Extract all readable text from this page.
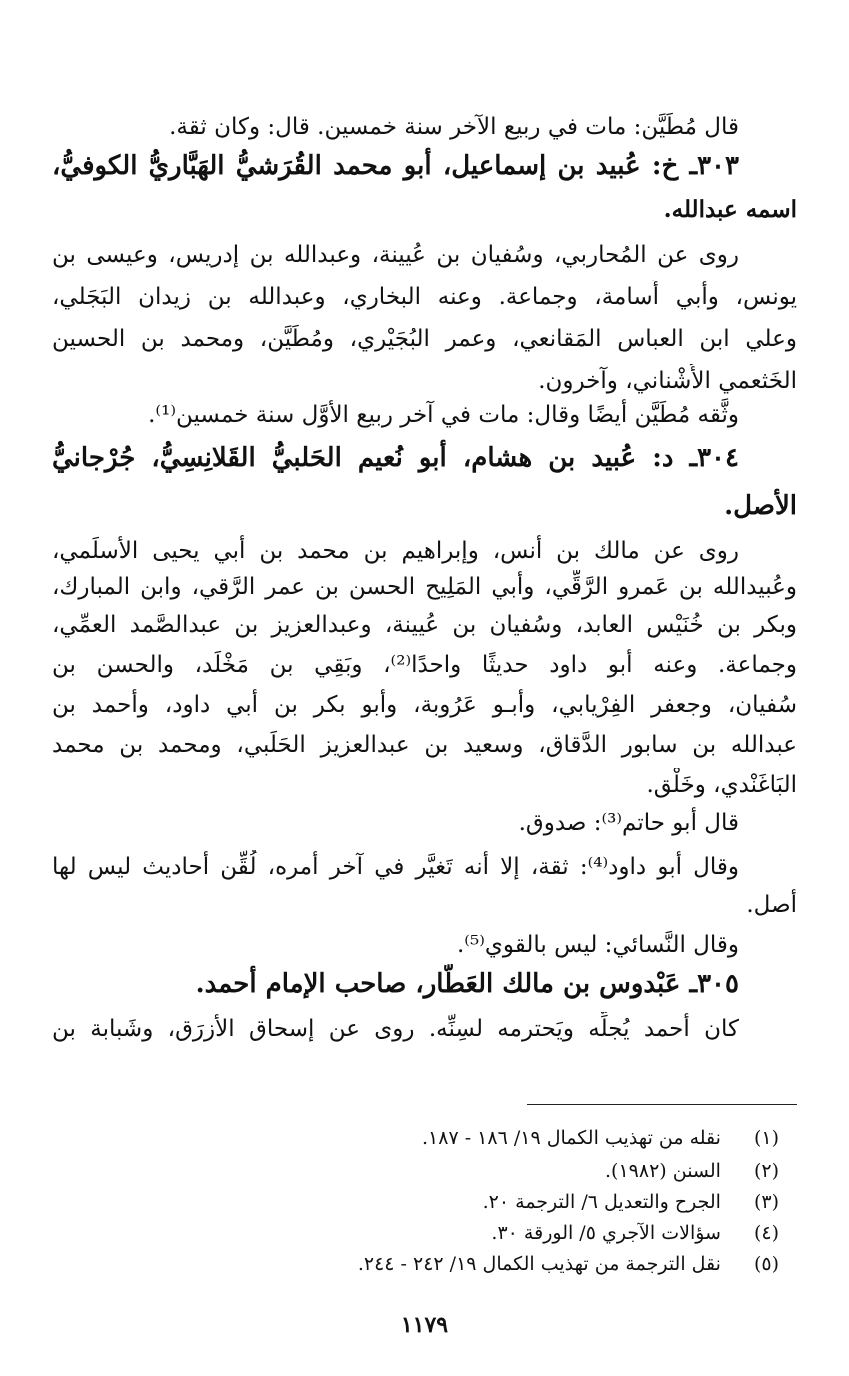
قال مُطَيَّن: مات في ربيع الآخر سنة خمسين. قال: وكان ثقة.
٣٠٣ـ خ: عُبيد بن إسماعيل، أبو محمد القُرَشيُّ الهَبَّاريُّ الكوفيُّ،
اسمه عبدالله.
روى عن المُحاربي، وسُفيان بن عُيينة، وعبدالله بن إدريس، وعيسى بن
يونس، وأبي أُسامة، وجماعة. وعنه البخاري، وعبدالله بن زيدان البَجَلي،
وعلي ابن العباس المَقانعي، وعمر البُجَيْري، ومُطَيَّن، ومحمد بن الحسين
الخَثعمي الأُشْناني، وآخرون.
وثَّقه مُطَيَّن أيضًا وقال: مات في آخر ربيع الأوَّل سنة خمسين⁽¹⁾.
٣٠٤ـ د: عُبيد بن هشام، أبو نُعيم الحَلبيُّ القَلانِسِيُّ، جُرْجانيُّ
الأصل.
روى عن مالك بن أنس، وإبراهيم بن محمد بن أبي يحيى الأسلَمي،
وعُبيدالله بن عَمرو الرَّقِّي، وأبي المَلِيح الحسن بن عمر الرَّقي، وابن المبارك،
وبكر بن خُنَيْس العابد، وسُفيان بن عُيينة، وعبدالعزيز بن عبدالصَّمد العمِّي،
وجماعة. وعنه أبو داود حديثًا واحدًا⁽²⁾، وبَقِي بن مَخْلَد، والحسن بن
سُفيان، وجعفر الفِرْيابي، وأبـو عَرُوبة، وأبو بكر بن أبي داود، وأحمد بن
عبدالله بن سابور الدَّقاق، وسعيد بن عبدالعزيز الحَلَبي، ومحمد بن محمد
البَاغَنْدي، وخَلْق.
قال أبو حاتم⁽³⁾: صدوق.
وقال أبو داود⁽⁴⁾: ثقة، إلا أنه تَغيَّر في آخر أمره، لُقِّن أحاديث ليس لها
أصل.
وقال النَّسائي: ليس بالقوي⁽⁵⁾.
٣٠٥ـ عَبْدوس بن مالك العَطَّار، صاحب الإمام أحمد.
كان أحمد يُجلِّه ويَحترمه لسِنِّه. روى عن إسحاق الأزرَق، وشَبابة بن
(١) نقله من تهذيب الكمال ١٩/ ١٨٦ - ١٨٧.
(٢) السنن (١٩٨٢).
(٣) الجرح والتعديل ٦/ الترجمة ٢٠.
(٤) سؤالات الآجري ٥/ الورقة ٣٠.
(٥) نقل الترجمة من تهذيب الكمال ١٩/ ٢٤٢ - ٢٤٤.
١١٧٩
